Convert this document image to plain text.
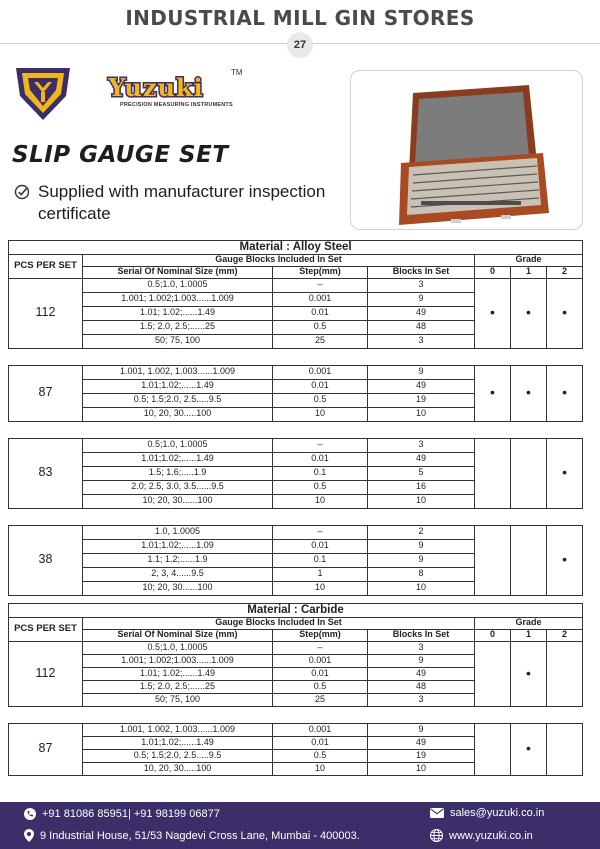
INDUSTRIAL MILL GIN STORES
27
Yuzuki
TM
PRECISION MEASURING INSTRUMENTS
SLIP GAUGE SET
Supplied with manufacturer inspection certificate
Material : Alloy Steel						
PCS PER SET	Gauge Blocks Included In Set			Grade		
	Serial Of Nominal Size (mm)	Step(mm)	Blocks In Set	0	1	2
112	0.5;1.0, 1.0005	–	3	•	•	•
	1.001; 1.002;1.003......1.009	0.001	9			
	1.01; 1.02;......1.49	0.01	49			
	1.5; 2.0, 2.5;......25	0.5	48			
	50; 75, 100	25	3			

87	1.001, 1.002, 1.003......1.009	0.001	9	•	•	•
	1.01;1.02;......1.49	0.01	49			
	0.5; 1.5;2.0, 2.5.....9.5	0.5	19			
	10, 20, 30.....100	10	10			

83	0.5;1.0, 1.0005	–	3			•
	1.01;1.02;......1.49	0.01	49			
	1.5; 1.6;.....1.9	0.1	5			
	2.0; 2.5, 3.0, 3.5......9.5	0.5	16			
	10; 20, 30......100	10	10			

38	1.0, 1.0005	–	2			•
	1.01;1.02;......1.09	0.01	9			
	1.1; 1.2;......1.9	0.1	9			
	2, 3, 4......9.5	1	8			
	10; 20, 30......100	10	10			
Material : Carbide						
PCS PER SET	Gauge Blocks Included In Set			Grade		
	Serial Of Nominal Size (mm)	Step(mm)	Blocks In Set	0	1	2
112	0.5;1.0, 1.0005	–	3		•	
	1.001; 1.002;1.003......1.009	0.001	9			
	1.01; 1.02;......1.49	0.01	49			
	1.5; 2.0, 2.5;......25	0.5	48			
	50; 75, 100	25	3			

87	1.001, 1.002, 1.003......1.009	0.001	9		•	
	1.01;1.02;......1.49	0.01	49			
	0.5; 1.5;2.0, 2.5.....9.5	0.5	19			
	10, 20, 30.....100	10	10			
+91 81086 85951| +91 98199 06877
9 Industrial House, 51/53 Nagdevi Cross Lane, Mumbai - 400003.
sales@yuzuki.co.in
www.yuzuki.co.in
